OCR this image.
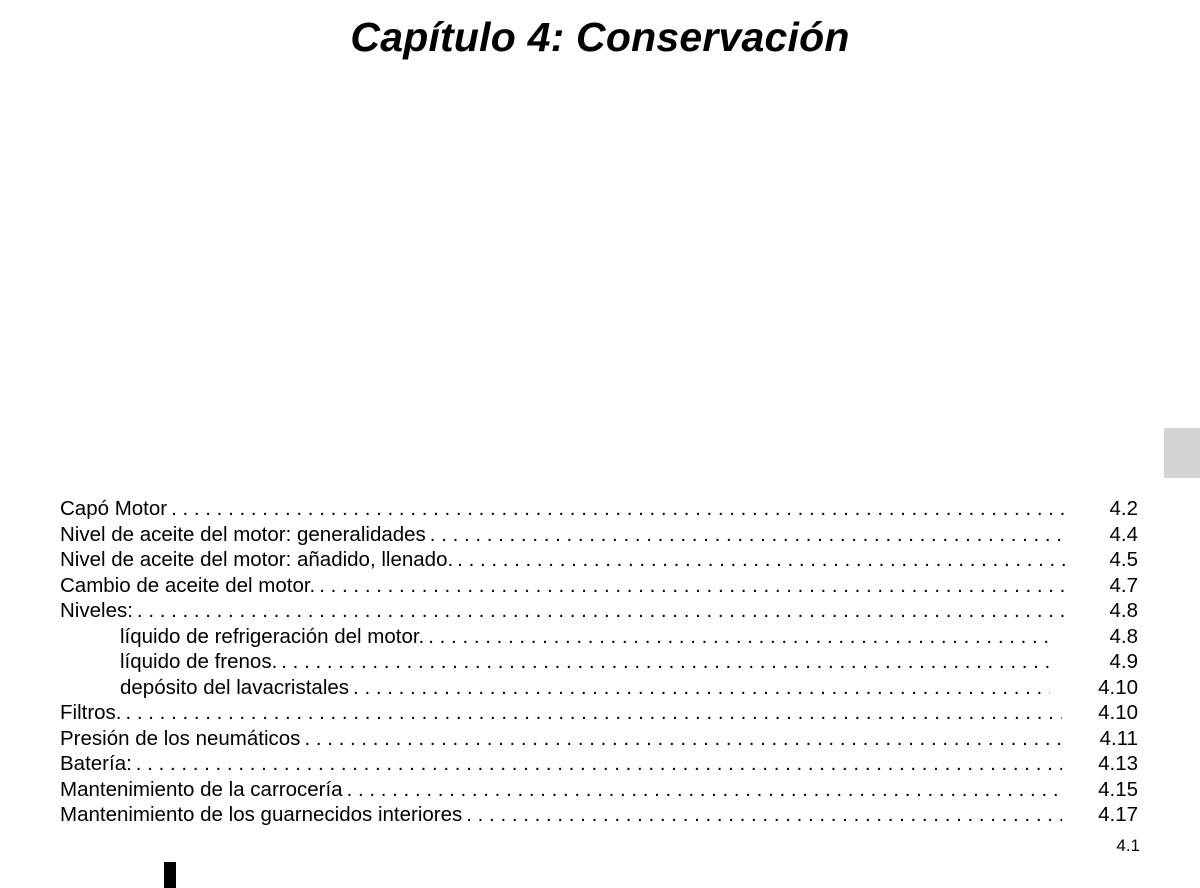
Capítulo 4: Conservación
Capó Motor . . .	4.2
Nivel de aceite del motor: generalidades . . .	4.4
Nivel de aceite del motor: añadido, llenado. . . .	4.5
Cambio de aceite del motor. . . .	4.7
Niveles: . . .	4.8
líquido de refrigeración del motor. . . .	4.8
líquido de frenos. . . .	4.9
depósito del lavacristales . . .	4.10
Filtros. . . .	4.10
Presión de los neumáticos . . .	4.11
Batería: . . .	4.13
Mantenimiento de la carrocería . . .	4.15
Mantenimiento de los guarnecidos interiores . . .	4.17
4.1
